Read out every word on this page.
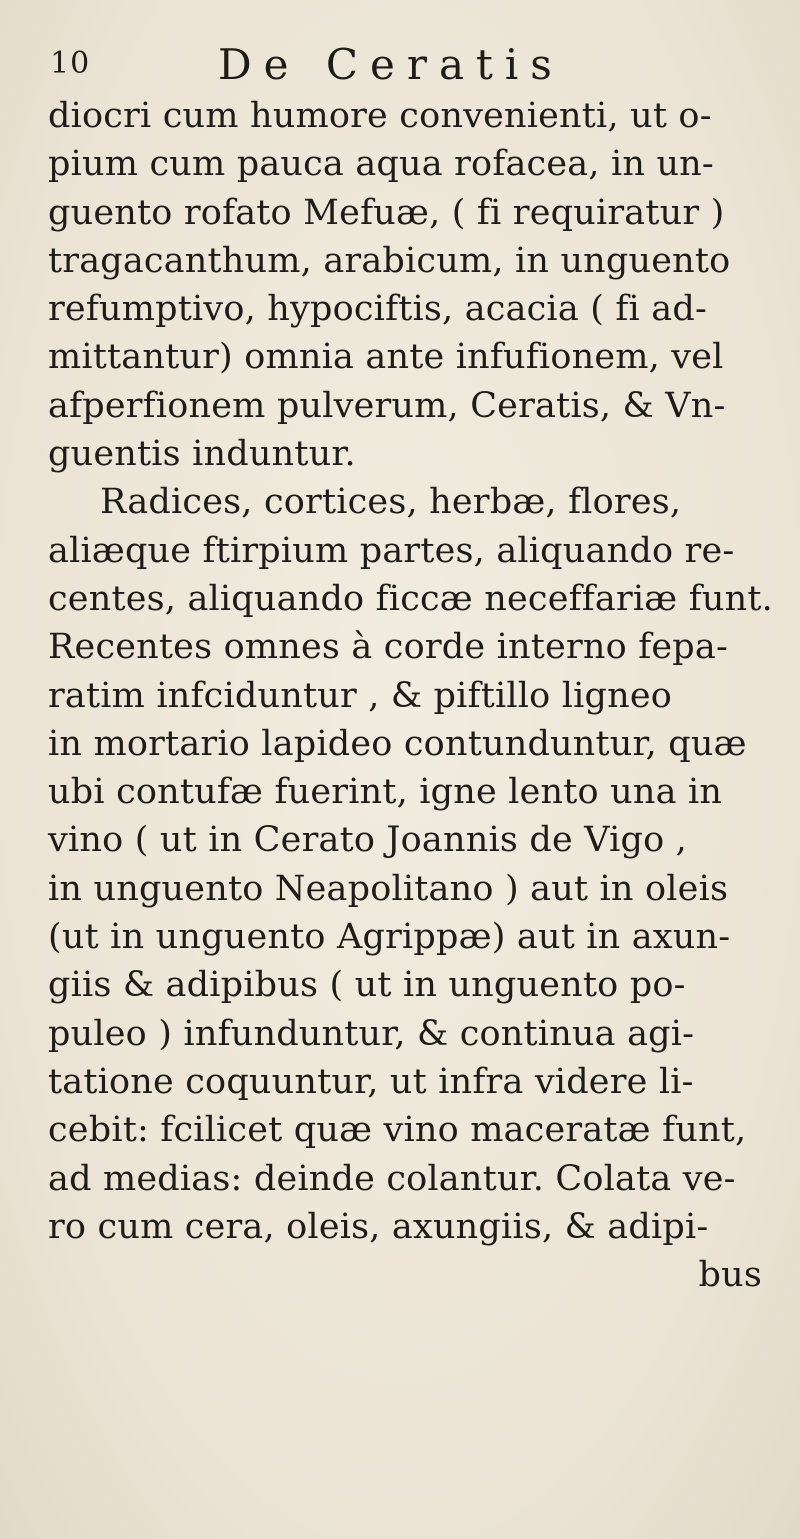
10	De Ceratis
diocri cum humore convenienti, ut o-
pium cum pauca aqua rofacea, in un-
guento rofato Mefuæ, ( fi requiratur )
tragacanthum, arabicum, in unguento
refumptivo, hypociftis, acacia ( fi ad-
mittantur) omnia ante infufionem, vel
afperfionem pulverum, Ceratis, & Vn-
guentis induntur.
Radices, cortices, herbæ, flores,
aliæque ftirpium partes, aliquando re-
centes, aliquando ficcæ neceffariæ funt.
Recentes omnes à corde interno fepa-
ratim infciduntur , & piftillo ligneo
in mortario lapideo contunduntur, quæ
ubi contufæ fuerint, igne lento una in
vino ( ut in Cerato Joannis de Vigo ,
in unguento Neapolitano ) aut in oleis
(ut in unguento Agrippæ) aut in axun-
giis & adipibus ( ut in unguento po-
puleo ) infunduntur, & continua agi-
tatione coquuntur, ut infra videre li-
cebit: fcilicet quæ vino maceratæ funt,
ad medias: deinde colantur. Colata ve-
ro cum cera, oleis, axungiis, & adipi-
bus
